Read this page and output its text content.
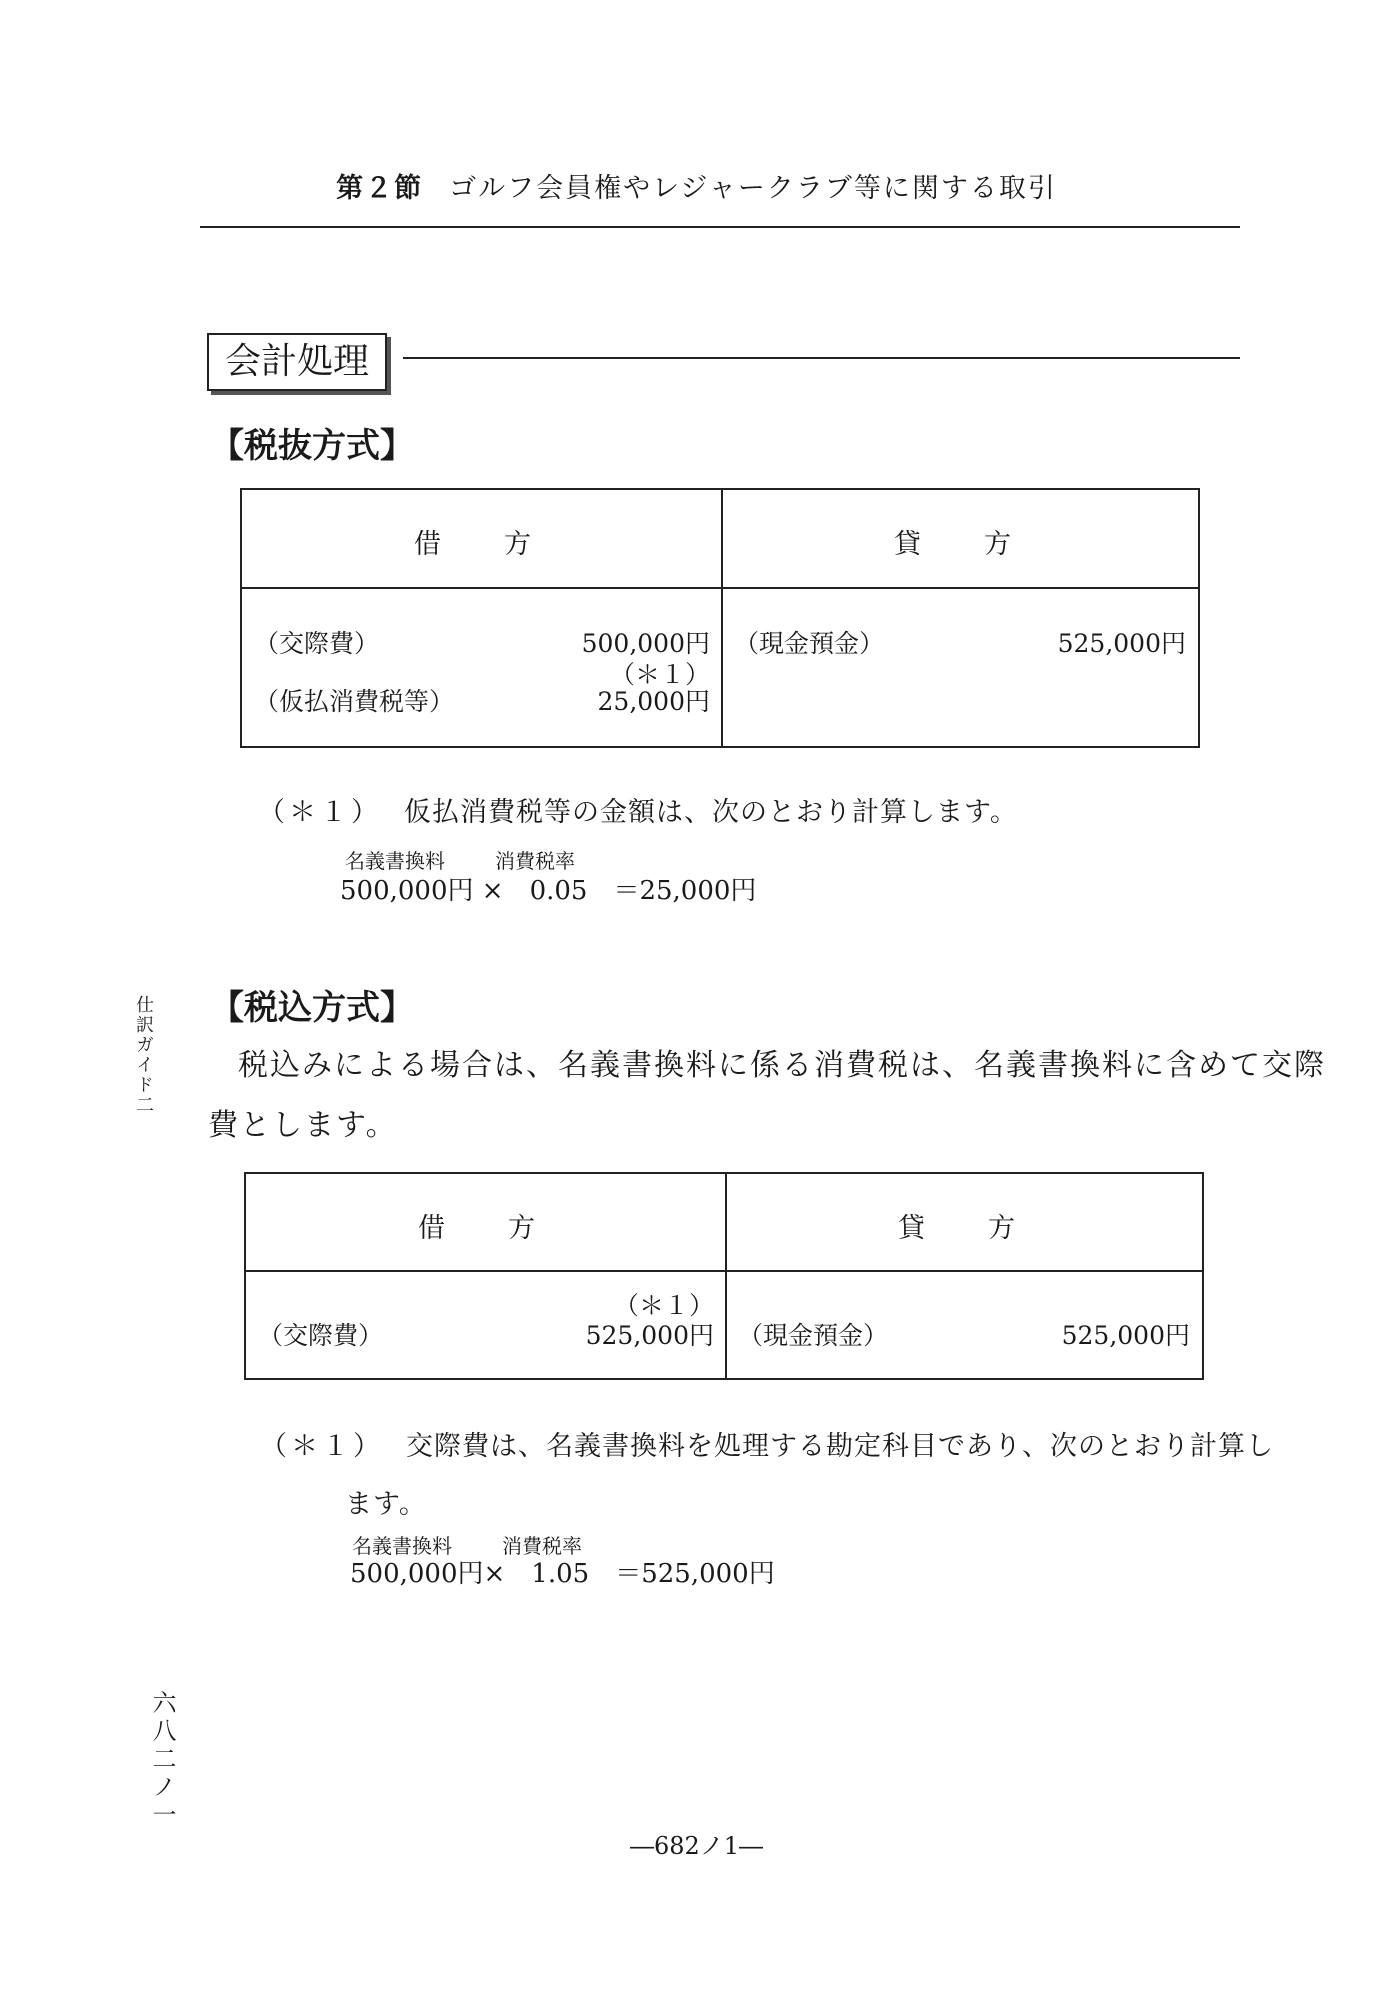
第２節 ゴルフ会員権やレジャークラブ等に関する取引
会計処理
【税抜方式】
借　方	貸　方
（交際費）	500,000円
（＊１）
（仮払消費税等）	25,000円
（現金預金）	525,000円
（＊１） 仮払消費税等の金額は、次のとおり計算します。
名義書換料	消費税率
500,000円 ×　0.05　＝25,000円
仕訳ガイド二 【税込方式】
税込みによる場合は、名義書換料に係る消費税は、名義書換料に含めて交際
費とします。
借　方	貸　方
（＊１）
（交際費）	525,000円 （現金預金）	525,000円
（＊１） 交際費は、名義書換料を処理する勘定科目であり、次のとおり計算し
ます。
名義書換料	消費税率
500,000円×　1.05　＝525,000円
六八二ノ一
―682ノ1―
